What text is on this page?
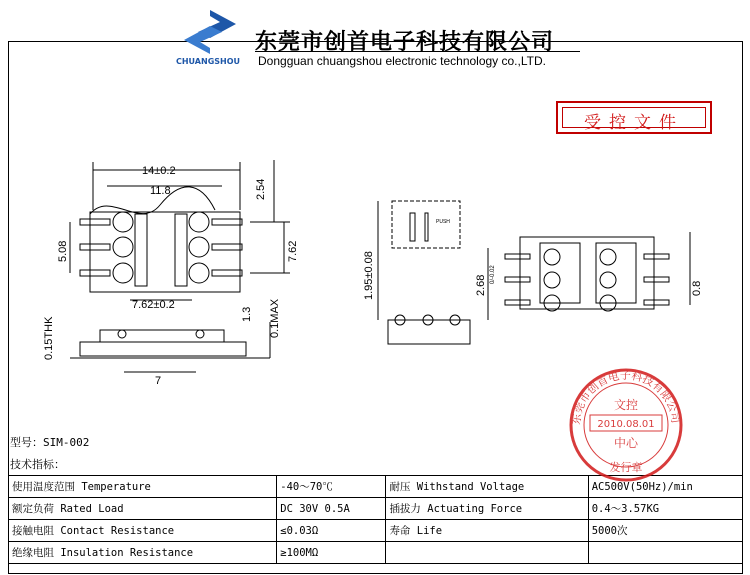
CHUANGSHOU
东莞市创首电子科技有限公司
Dongguan chuangshou electronic technology co.,LTD.
受控文件
14±0.2
11.8	2.54
5.08	7.62
7.62±0.2
0.15THK
1.3 0.1MAX
7
PUSH
1.95±0.08	2.68 0/-0.02
0.8
型号：SIM-002
技术指标：
使用温度范围 Temperature	-40～70℃	耐压 Withstand Voltage	AC500V(50Hz)/min
额定负荷 Rated Load	DC 30V 0.5A	插拔力 Actuating Force	0.4～3.57KG
接触电阻 Contact Resistance	≤0.03Ω	寿命 Life	5000次
绝缘电阻 Insulation Resistance	≥100MΩ		
东莞市创首电子科技有限公司
文控
2010.08.01
中心
发行章
